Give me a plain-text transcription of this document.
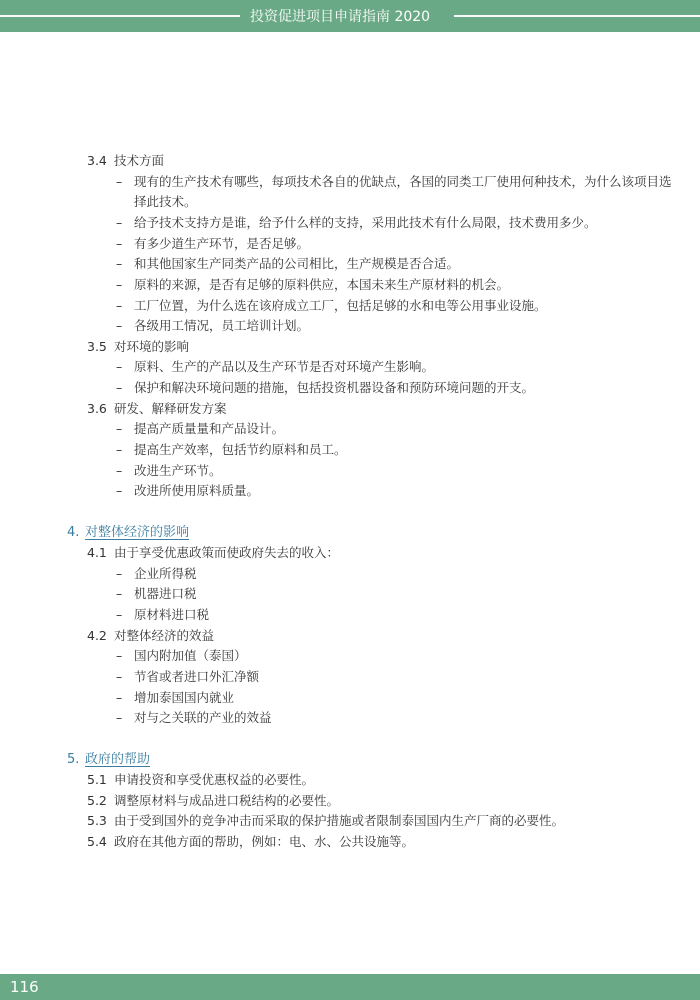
投资促进项目申请指南 2020
3.4 技术方面
– 现有的生产技术有哪些，每项技术各自的优缺点，各国的同类工厂使用何种技术，为什么该项目选
择此技术。
– 给予技术支持方是谁，给予什么样的支持，采用此技术有什么局限，技术费用多少。
– 有多少道生产环节，是否足够。
– 和其他国家生产同类产品的公司相比，生产规模是否合适。
– 原料的来源，是否有足够的原料供应，本国未来生产原材料的机会。
– 工厂位置，为什么选在该府成立工厂，包括足够的水和电等公用事业设施。
– 各级用工情况，员工培训计划。
3.5 对环境的影响
– 原料、生产的产品以及生产环节是否对环境产生影响。
– 保护和解决环境问题的措施，包括投资机器设备和预防环境问题的开支。
3.6 研发、解释研发方案
– 提高产质量量和产品设计。
– 提高生产效率，包括节约原料和员工。
– 改进生产环节。
– 改进所使用原料质量。
4. 对整体经济的影响
4.1 由于享受优惠政策而使政府失去的收入：
– 企业所得税
– 机器进口税
– 原材料进口税
4.2 对整体经济的效益
– 国内附加值（泰国）
– 节省或者进口外汇净额
– 增加泰国国内就业
– 对与之关联的产业的效益
5. 政府的帮助
5.1 申请投资和享受优惠权益的必要性。
5.2 调整原材料与成品进口税结构的必要性。
5.3 由于受到国外的竞争冲击而采取的保护措施或者限制泰国国内生产厂商的必要性。
5.4 政府在其他方面的帮助，例如：电、水、公共设施等。
116
